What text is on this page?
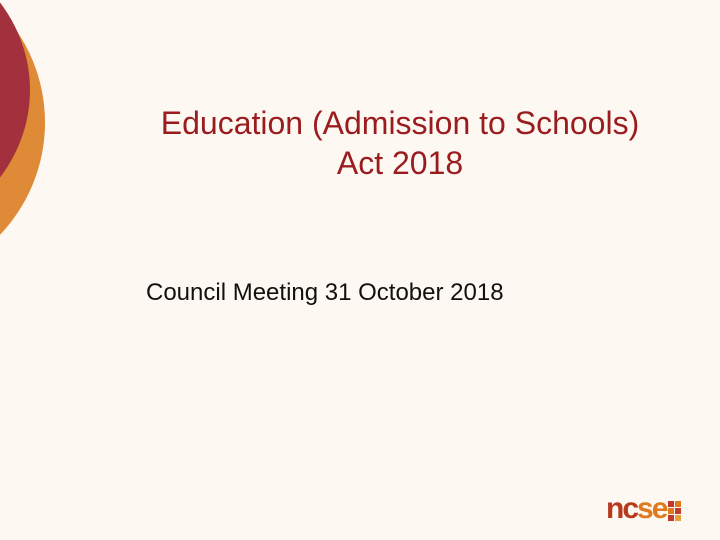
Education (Admission to Schools)
Act 2018
Council Meeting 31 October 2018
ncse
